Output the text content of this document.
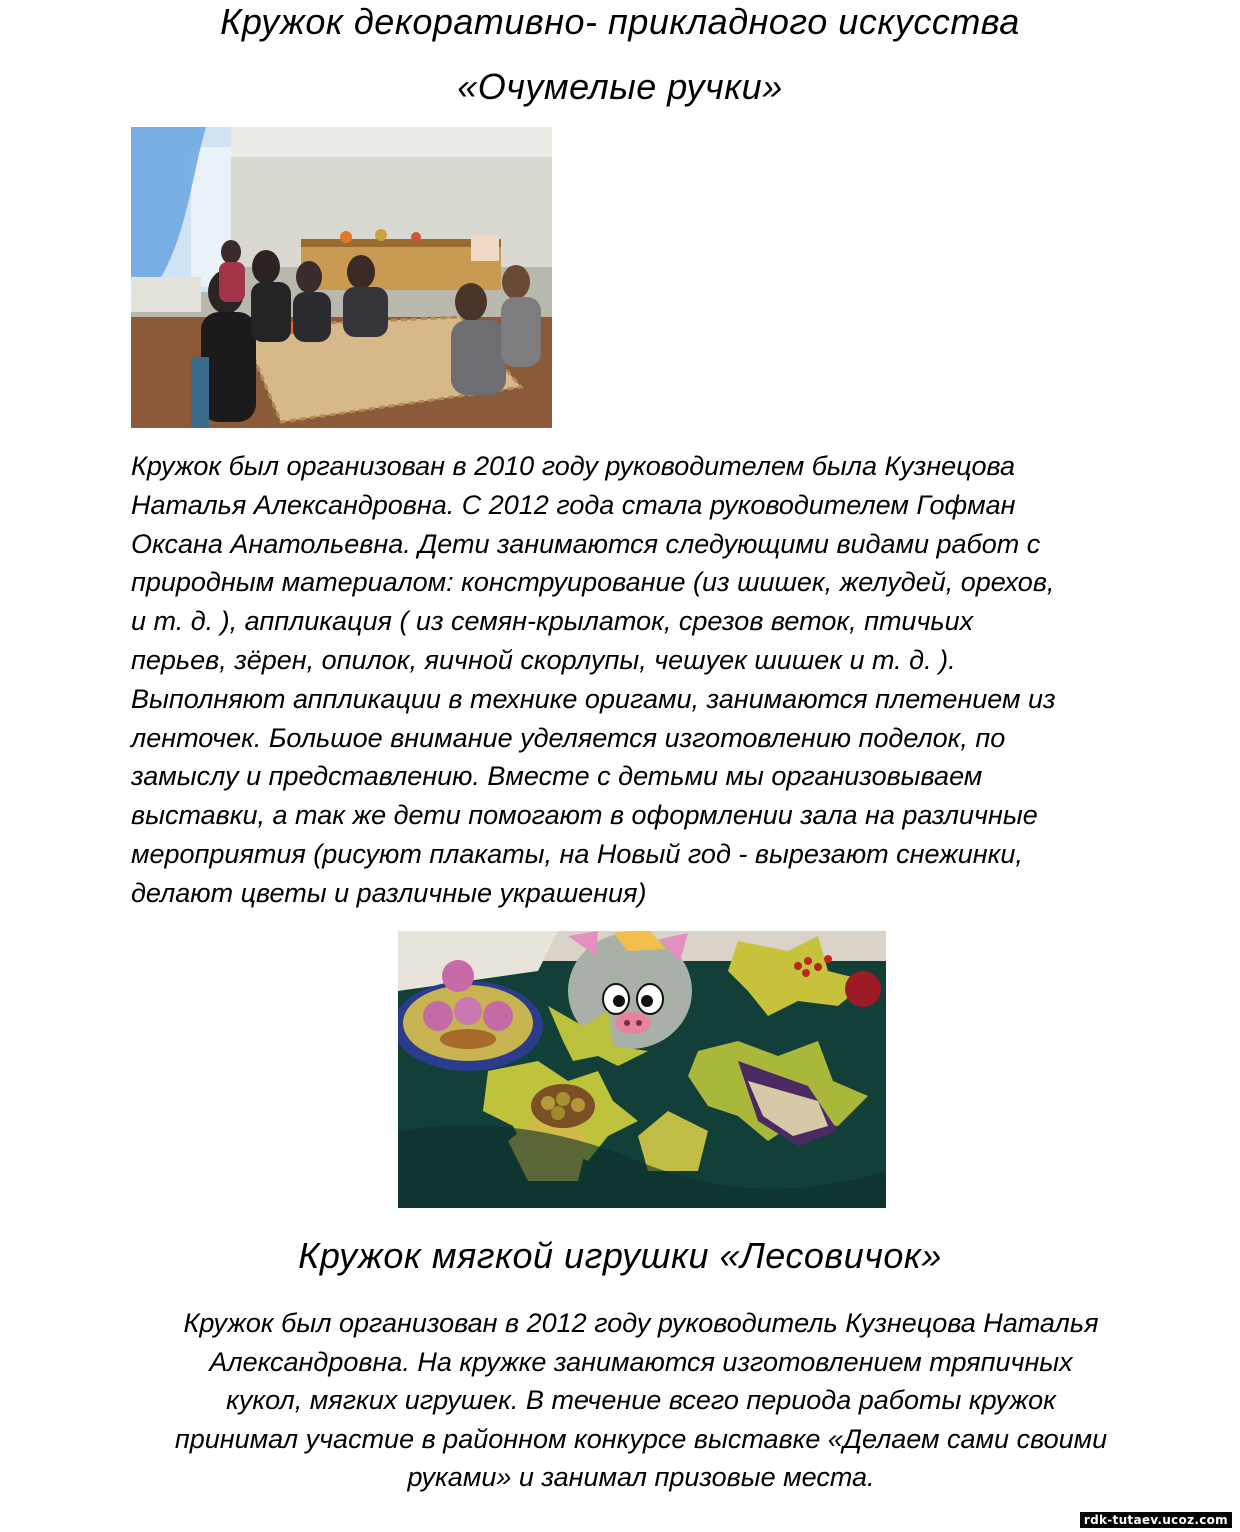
Кружок декоративно- прикладного искусства
«Очумелые ручки»
Кружок был организован в 2010 году руководителем была Кузнецова
Наталья Александровна. С 2012 года стала руководителем Гофман
Оксана Анатольевна. Дети занимаются следующими видами работ с
природным материалом: конструирование (из шишек, желудей, орехов,
и т. д. ), аппликация ( из семян-крылаток, срезов веток, птичьих
перьев, зёрен, опилок, яичной скорлупы, чешуек шишек и т. д. ).
Выполняют аппликации в технике оригами, занимаются плетением из
ленточек. Большое внимание уделяется изготовлению поделок, по
замыслу и представлению. Вместе с детьми мы организовываем
выставки, а так же дети помогают в оформлении зала на различные
мероприятия (рисуют плакаты, на Новый год - вырезают снежинки,
делают цветы и различные украшения)
Кружок мягкой игрушки «Лесовичок»
Кружок был организован в 2012 году руководитель Кузнецова Наталья
Александровна. На кружке занимаются изготовлением тряпичных
кукол, мягких игрушек. В течение всего периода работы кружок
принимал участие в районном конкурсе выставке «Делаем сами своими
руками» и занимал призовые места.
rdk-tutaev.ucoz.com
